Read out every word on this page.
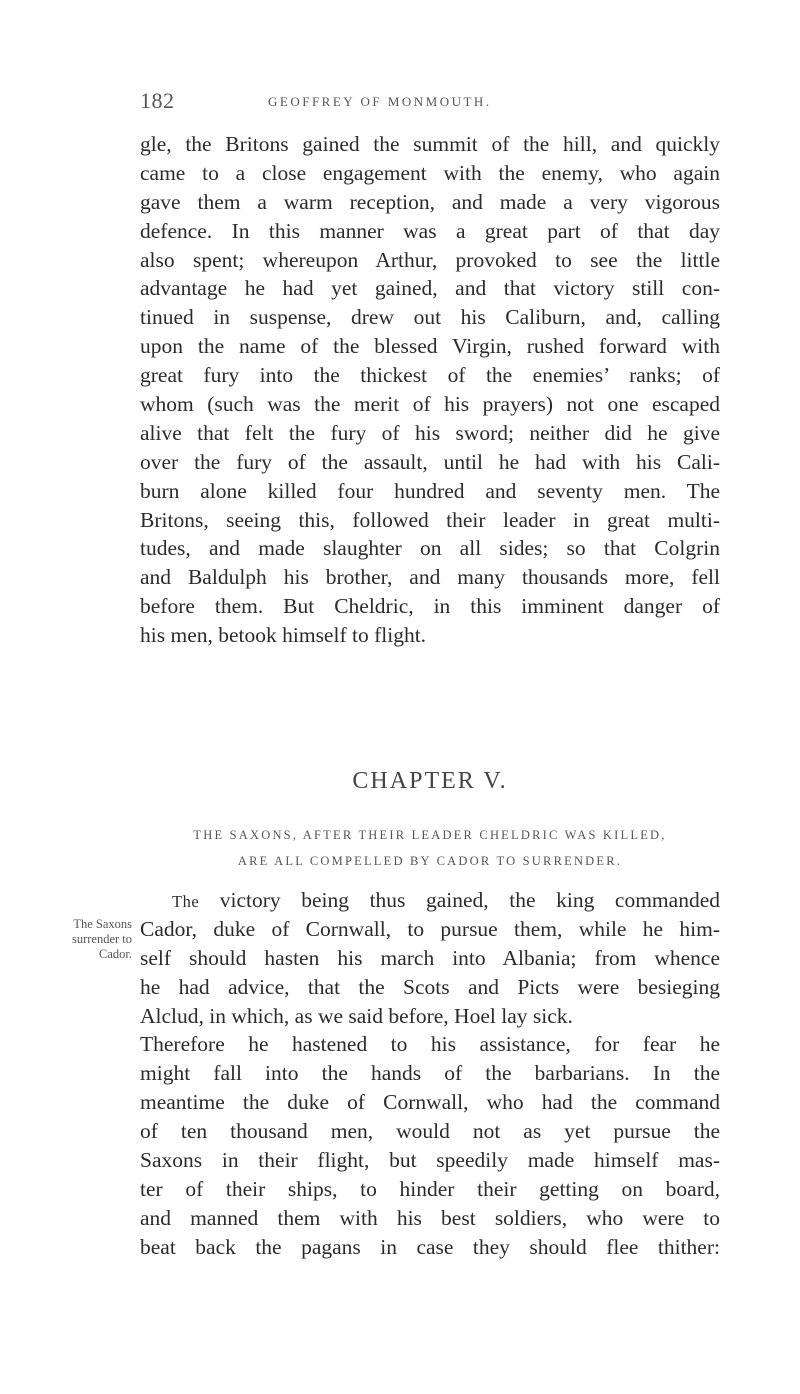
182	GEOFFREY OF MONMOUTH.
gle, the Britons gained the summit of the hill, and quickly
came to a close engagement with the enemy, who again
gave them a warm reception, and made a very vigorous
defence. In this manner was a great part of that day
also spent; whereupon Arthur, provoked to see the little
advantage he had yet gained, and that victory still con-
tinued in suspense, drew out his Caliburn, and, calling
upon the name of the blessed Virgin, rushed forward with
great fury into the thickest of the enemies’ ranks; of
whom (such was the merit of his prayers) not one escaped
alive that felt the fury of his sword; neither did he give
over the fury of the assault, until he had with his Cali-
burn alone killed four hundred and seventy men. The
Britons, seeing this, followed their leader in great multi-
tudes, and made slaughter on all sides; so that Colgrin
and Baldulph his brother, and many thousands more, fell
before them. But Cheldric, in this imminent danger of
his men, betook himself to flight.
CHAPTER V.
THE SAXONS, AFTER THEIR LEADER CHELDRIC WAS KILLED,
ARE ALL COMPELLED BY CADOR TO SURRENDER.
The Saxons
surrender to
Cador.
The victory being thus gained, the king commanded
Cador, duke of Cornwall, to pursue them, while he him-
self should hasten his march into Albania; from whence
he had advice, that the Scots and Picts were besieging
Alclud, in which, as we said before, Hoel lay sick.
Therefore he hastened to his assistance, for fear he
might fall into the hands of the barbarians. In the
meantime the duke of Cornwall, who had the command
of ten thousand men, would not as yet pursue the
Saxons in their flight, but speedily made himself mas-
ter of their ships, to hinder their getting on board,
and manned them with his best soldiers, who were to
beat back the pagans in case they should flee thither:
